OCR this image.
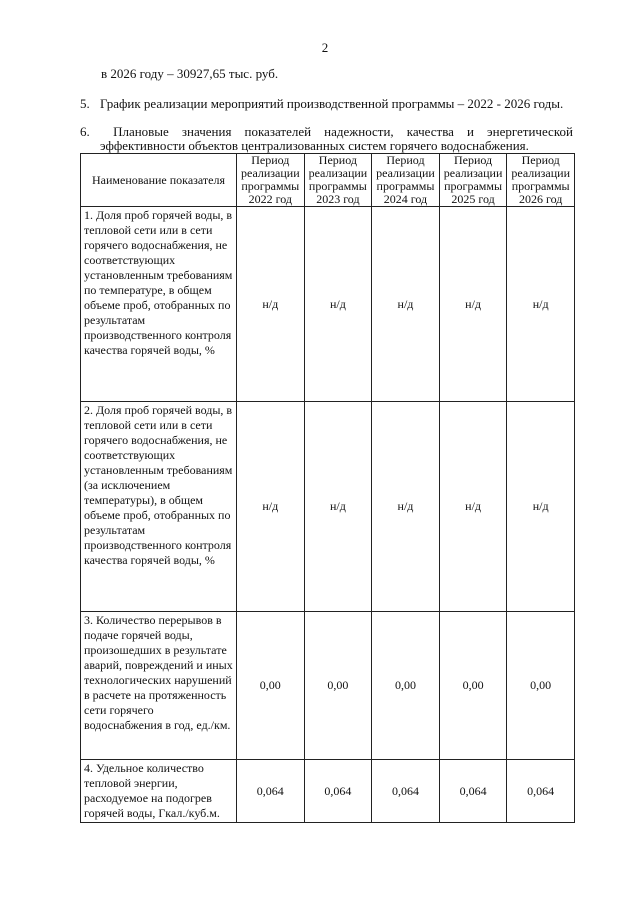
2
в 2026 году – 30927,65 тыс. руб.
5. График реализации мероприятий производственной программы – 2022 - 2026 годы.
6.	Плановые значения показателей надежности, качества и энергетической
эффективности объектов централизованных систем горячего водоснабжения.
Наименование показателя	Период реализации программы 2022 год	Период реализации программы 2023 год	Период реализации программы 2024 год	Период реализации программы 2025 год	Период реализации программы 2026 год
1. Доля проб горячей воды, в тепловой сети или в сети горячего водоснабжения, не соответствующих установленным требованиям по температуре, в общем объеме проб, отобранных по результатам производственного контроля качества горячей воды, %	н/д	н/д	н/д	н/д	н/д
2. Доля проб горячей воды, в тепловой сети или в сети горячего водоснабжения, не соответствующих установленным требованиям (за исключением температуры), в общем объеме проб, отобранных по результатам производственного контроля качества горячей воды, %	н/д	н/д	н/д	н/д	н/д
3. Количество перерывов в подаче горячей воды, произошедших в результате аварий, повреждений и иных технологических нарушений в расчете на протяженность сети горячего водоснабжения в год, ед./км.	0,00	0,00	0,00	0,00	0,00
4. Удельное количество тепловой энергии, расходуемое на подогрев горячей воды, Гкал./куб.м.	0,064	0,064	0,064	0,064	0,064
